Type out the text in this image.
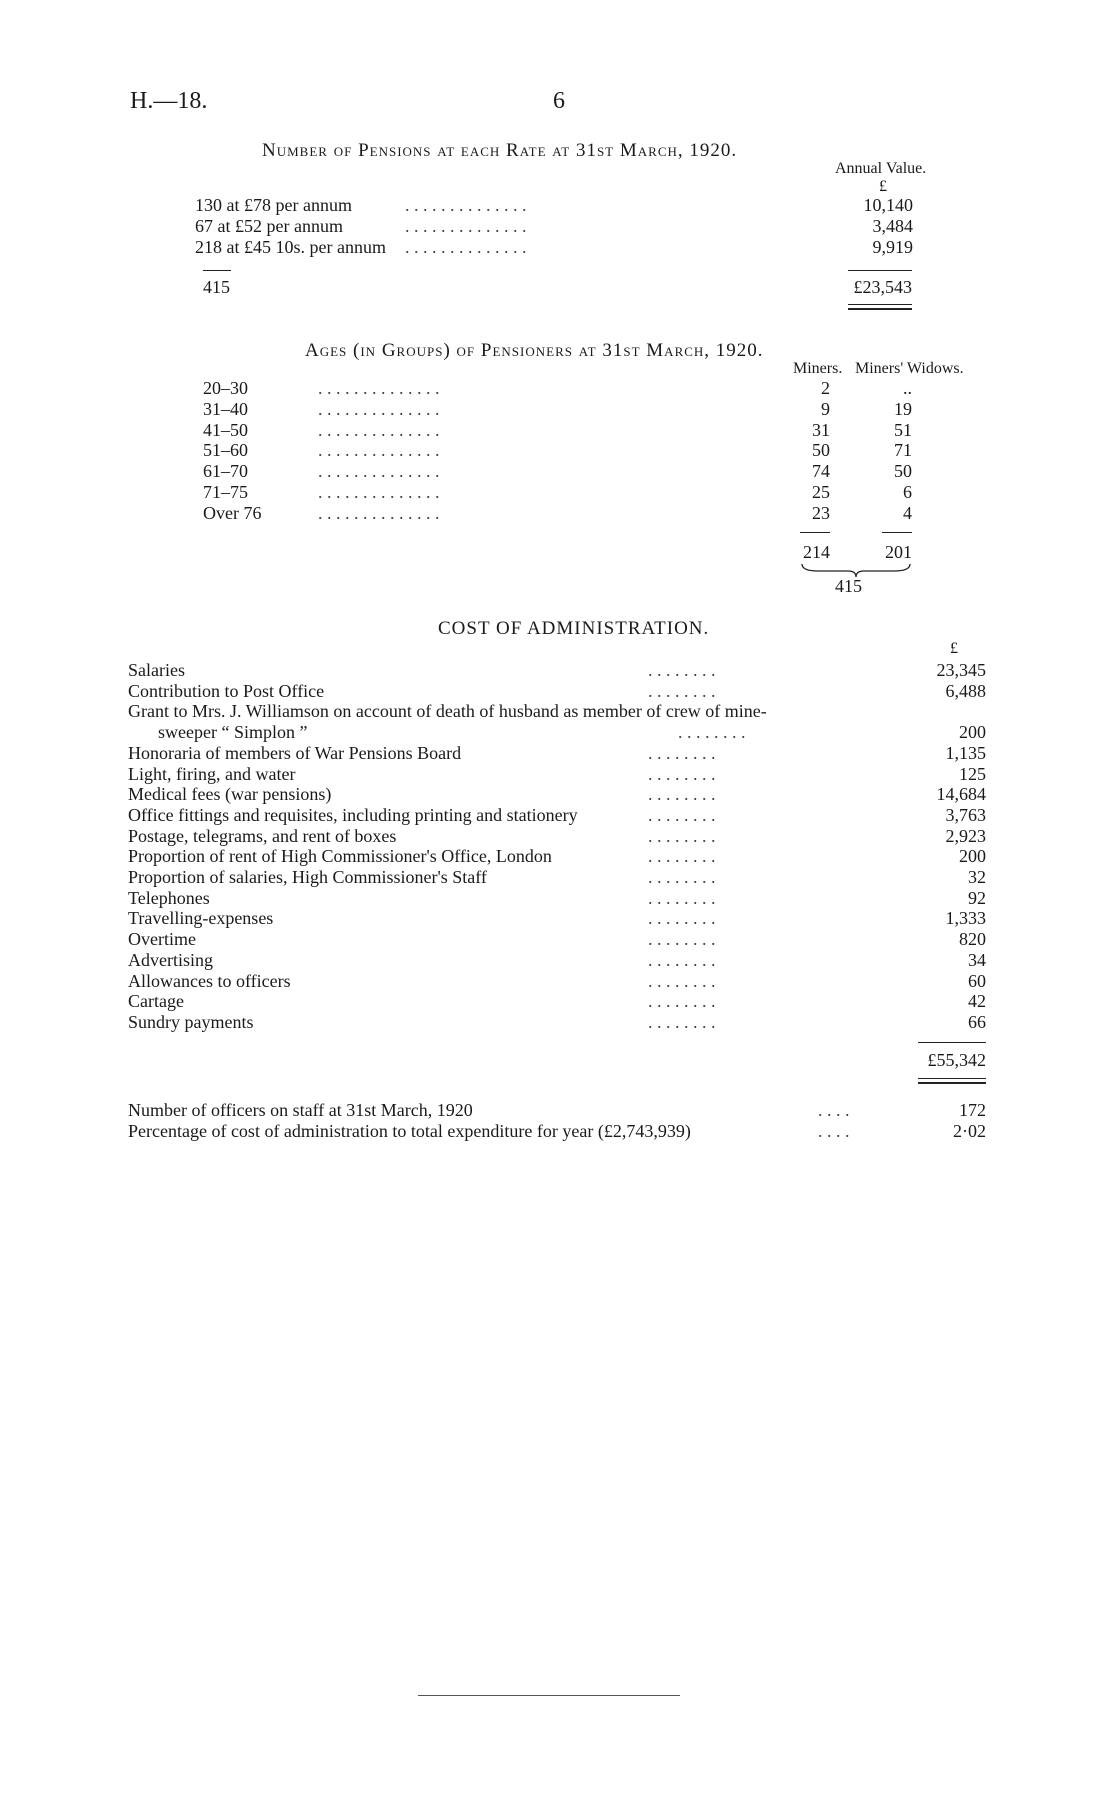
H.—18.	6
Number of Pensions at each Rate at 31st March, 1920.
Annual Value.
£
130 at £78 per annum	. . . . . . . . . . . . . .	10,140
67 at £52 per annum	. . . . . . . . . . . . . .	3,484
218 at £45 10s. per annum . . . . . . . . . . . . . .	9,919
415	£23,543
Ages (in Groups) of Pensioners at 31st March, 1920.
Miners. Miners' Widows.
20–30	. . . . . . . . . . . . . .	2	..
31–40	. . . . . . . . . . . . . .	9	19
41–50	. . . . . . . . . . . . . .	31	51
51–60	. . . . . . . . . . . . . .	50	71
61–70	. . . . . . . . . . . . . .	74	50
71–75	. . . . . . . . . . . . . .	25	6
Over 76	. . . . . . . . . . . . . .	23	4
214	201
415
COST OF ADMINISTRATION.
£
Salaries	. . . . . . . .	23,345
Contribution to Post Office	. . . . . . . .	6,488
Grant to Mrs. J. Williamson on account of death of husband as member of crew of mine-
sweeper “ Simplon ”	. . . . . . . .	200
Honoraria of members of War Pensions Board	. . . . . . . .	1,135
Light, firing, and water	. . . . . . . .	125
Medical fees (war pensions)	. . . . . . . .	14,684
Office fittings and requisites, including printing and stationery	. . . . . . . .	3,763
Postage, telegrams, and rent of boxes	. . . . . . . .	2,923
Proportion of rent of High Commissioner's Office, London	. . . . . . . .	200
Proportion of salaries, High Commissioner's Staff	. . . . . . . .	32
Telephones	. . . . . . . .	92
Travelling-expenses	. . . . . . . .	1,333
Overtime	. . . . . . . .	820
Advertising	. . . . . . . .	34
Allowances to officers	. . . . . . . .	60
Cartage	. . . . . . . .	42
Sundry payments	. . . . . . . .	66
£55,342
Number of officers on staff at 31st March, 1920	. . . .	172
Percentage of cost of administration to total expenditure for year (£2,743,939)	. . . .	2·02
